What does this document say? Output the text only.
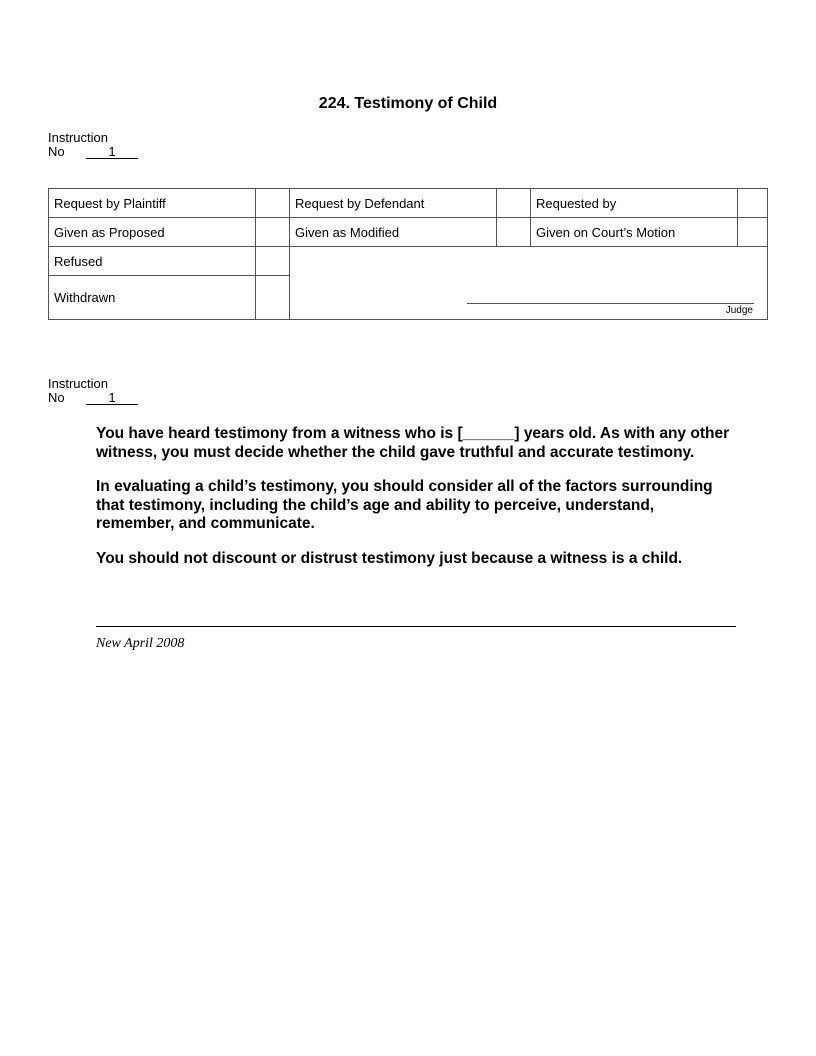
224. Testimony of Child
Instruction
No	1
Request by Plaintiff	Request by Defendant	Requested by
Given as Proposed	Given as Modified	Given on Court’s Motion
Refused
Withdrawn
Judge
Instruction
No	1

You have heard testimony from a witness who is [______] years old. As with any other witness, you must decide whether the child gave truthful and accurate testimony.

In evaluating a child’s testimony, you should consider all of the factors surrounding that testimony, including the child’s age and ability to perceive, understand, remember, and communicate.

You should not discount or distrust testimony just because a witness is a child.

New April 2008
